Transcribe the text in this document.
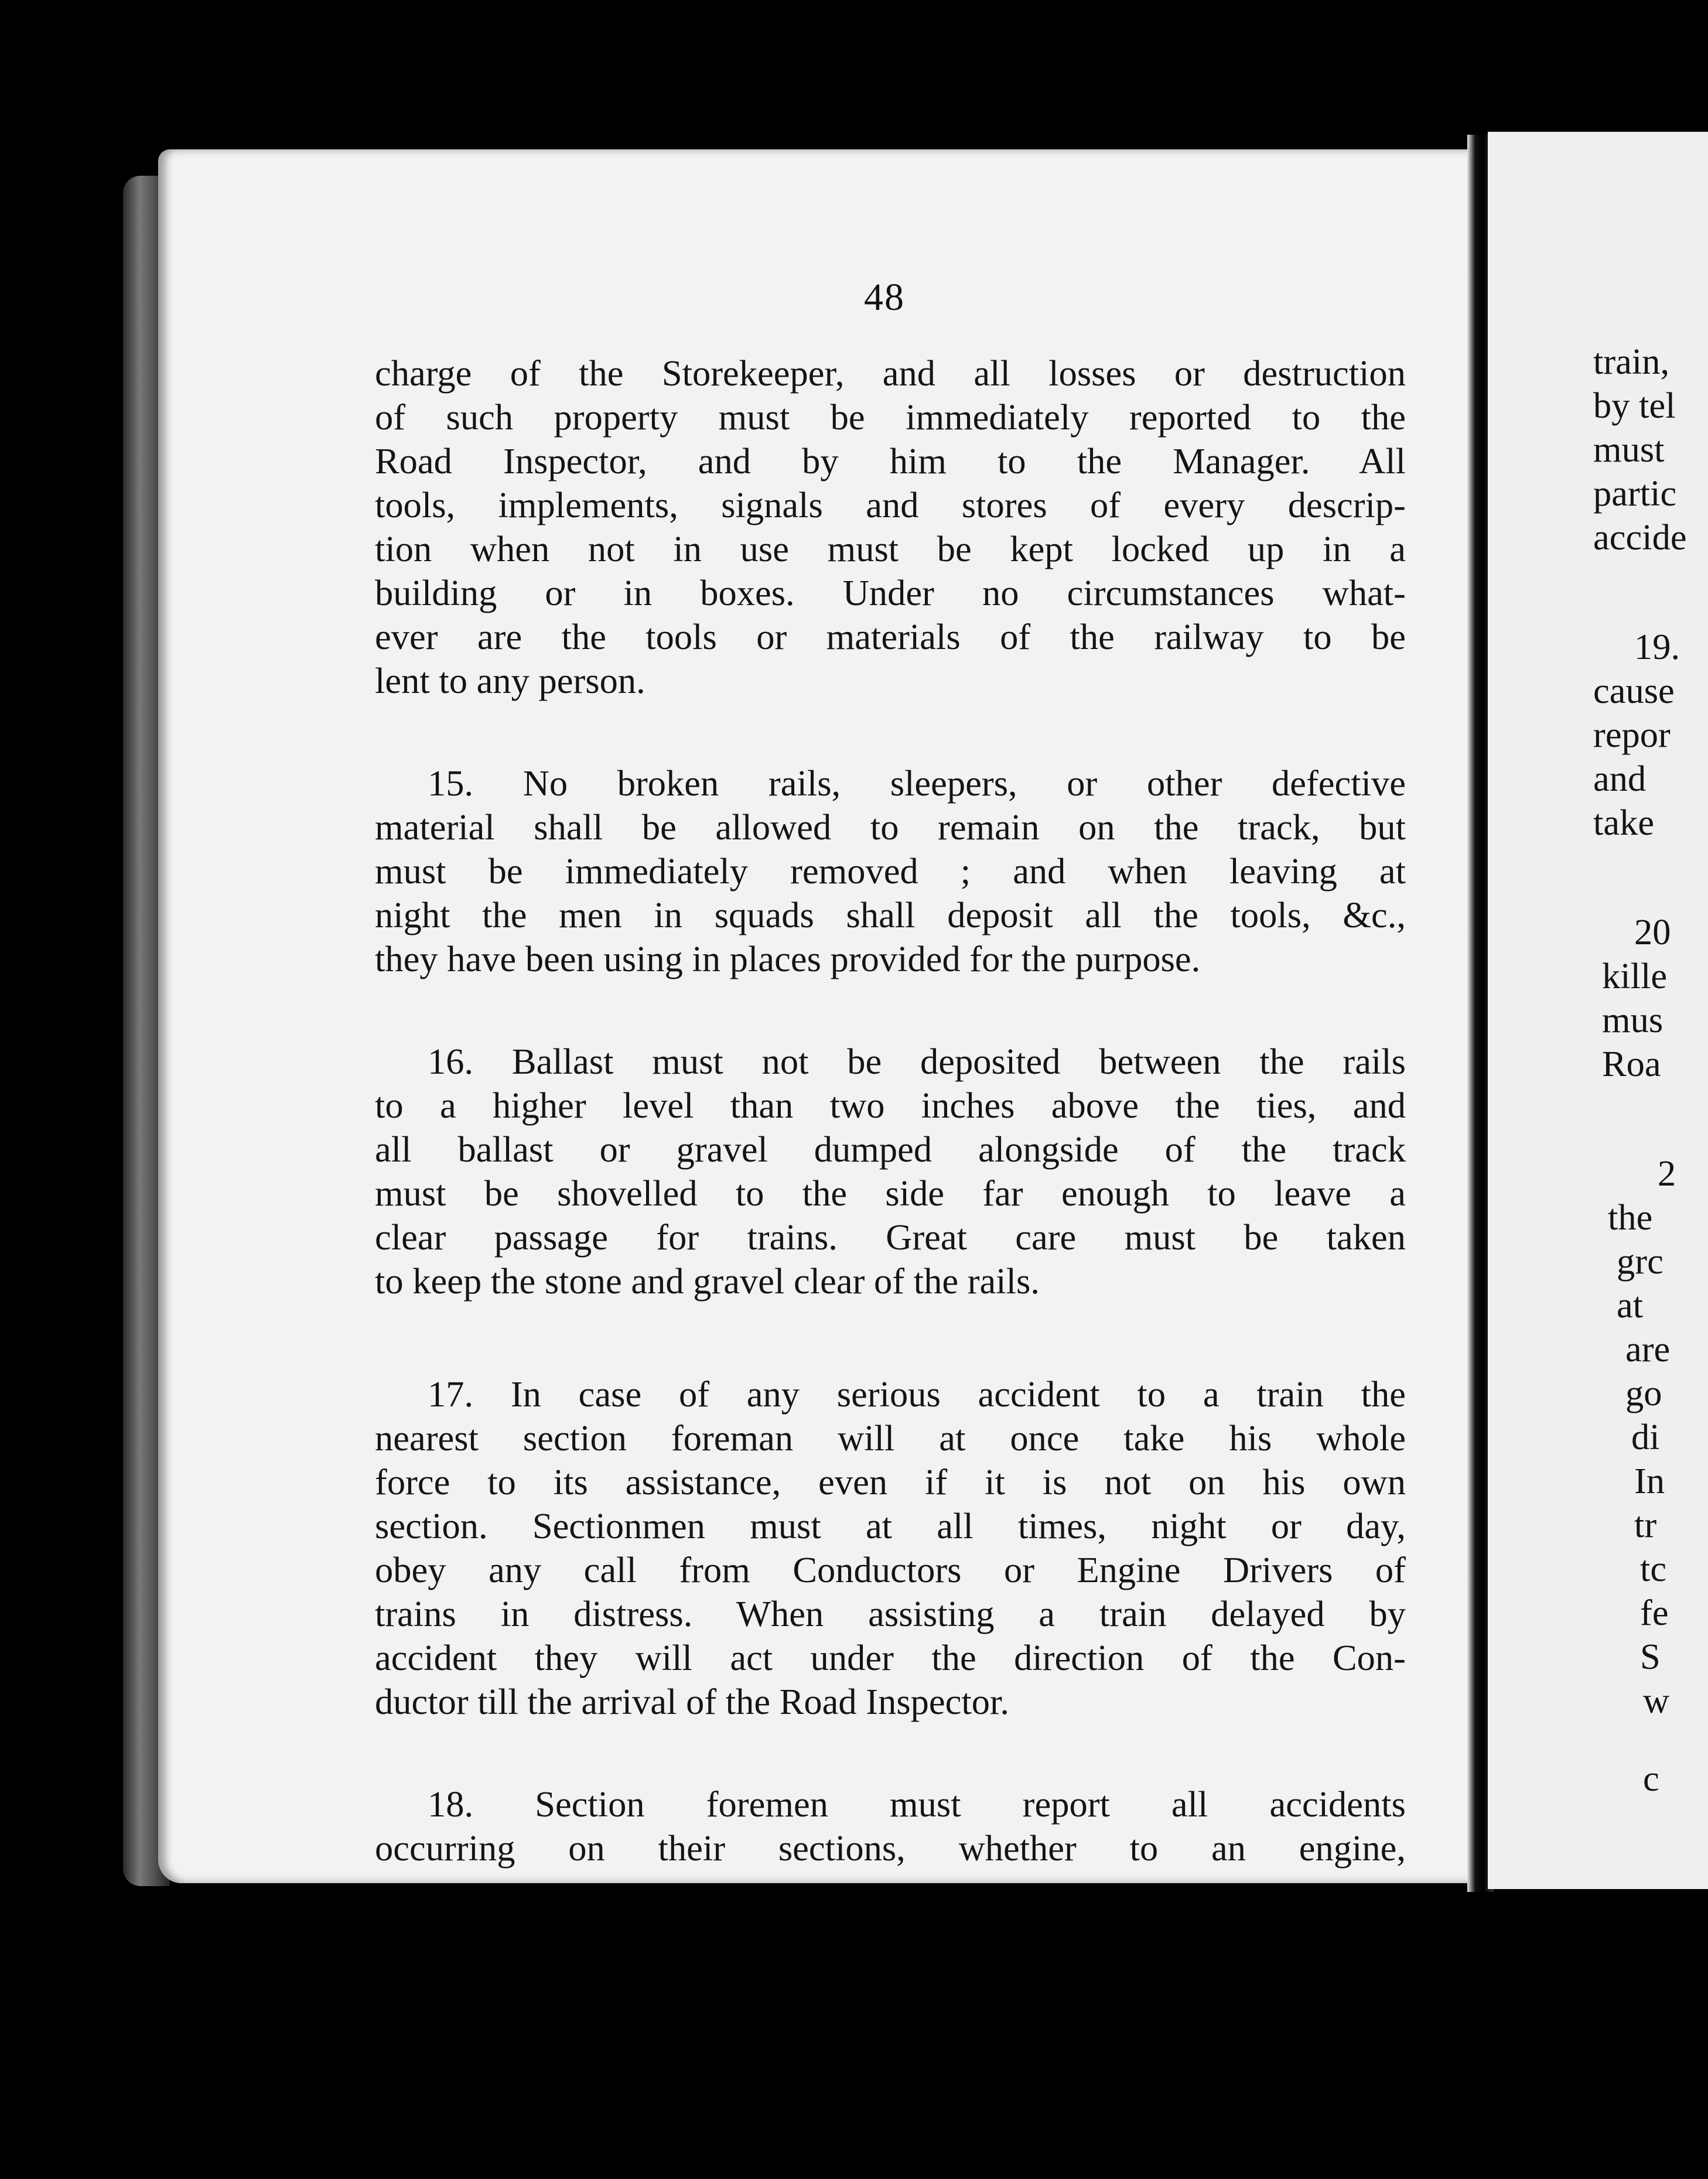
48
charge of the Storekeeper, and all losses or destruction
of such property must be immediately reported to the
Road Inspector, and by him to the Manager. All
tools, implements, signals and stores of every descrip-
tion when not in use must be kept locked up in a
building or in boxes. Under no circumstances what-
ever are the tools or materials of the railway to be
lent to any person.
15. No broken rails, sleepers, or other defective
material shall be allowed to remain on the track, but
must be immediately removed ; and when leaving at
night the men in squads shall deposit all the tools, &c.,
they have been using in places provided for the purpose.
16. Ballast must not be deposited between the rails
to a higher level than two inches above the ties, and
all ballast or gravel dumped alongside of the track
must be shovelled to the side far enough to leave a
clear passage for trains. Great care must be taken
to keep the stone and gravel clear of the rails.
17. In case of any serious accident to a train the
nearest section foreman will at once take his whole
force to its assistance, even if it is not on his own
section. Sectionmen must at all times, night or day,
obey any call from Conductors or Engine Drivers of
trains in distress. When assisting a train delayed by
accident they will act under the direction of the Con-
ductor till the arrival of the Road Inspector.
18. Section foremen must report all accidents
occurring on their sections, whether to an engine,
train,
by tel
must
partic
accide
19.
cause
repor
and
take
20
kille
mus
Roa
2
the
grc
at
are
go
di
In
tr
tc
fe
S
w
c
